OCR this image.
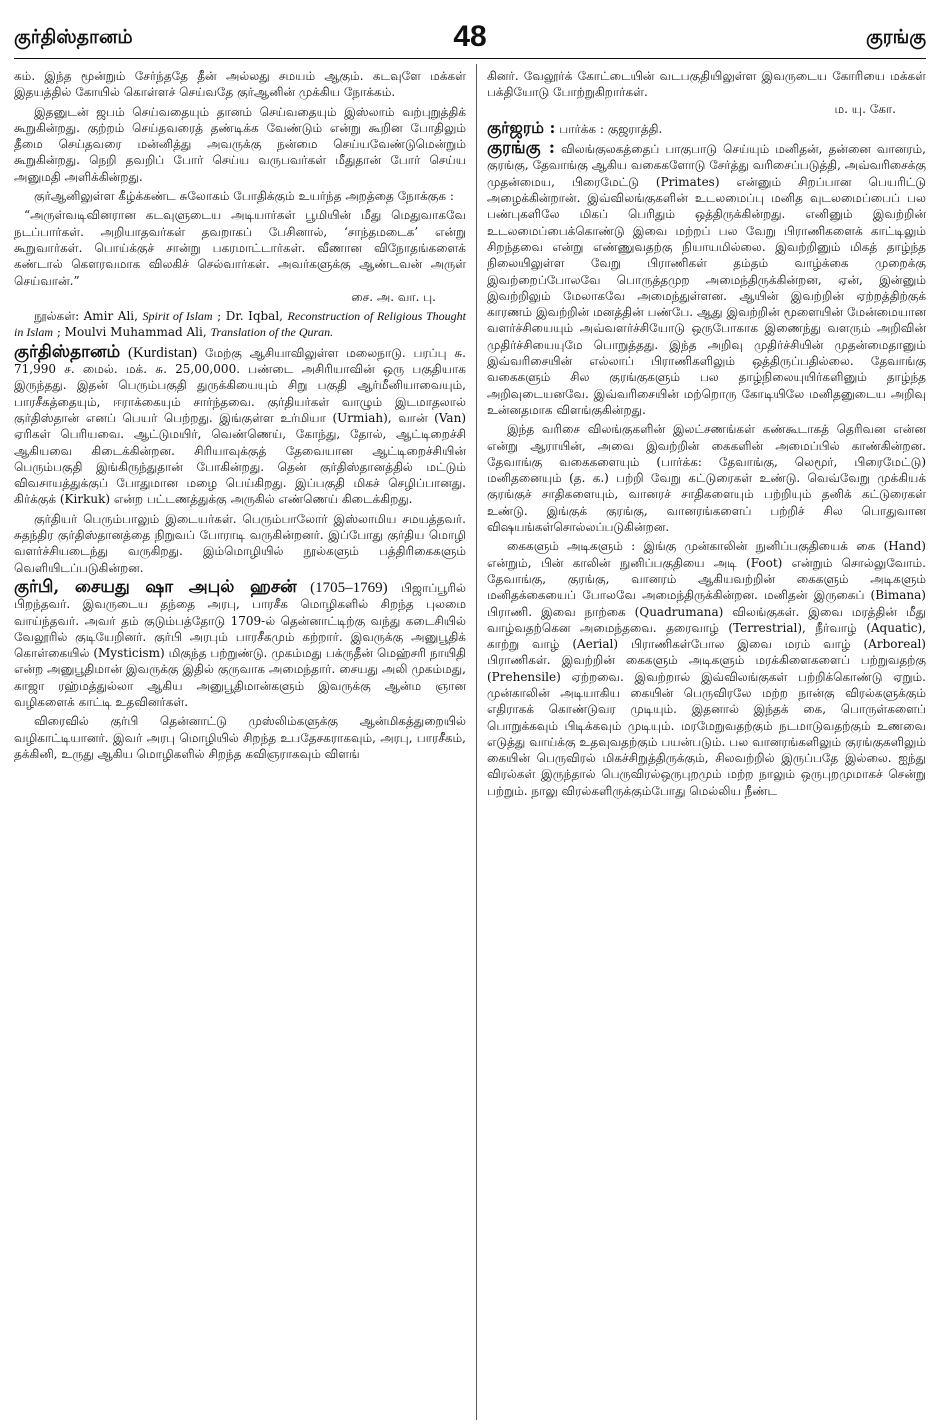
குர்திஸ்தானம்	48	குரங்கு

கம். இந்த மூன்றும் சேர்ந்ததே தீன் அல்லது சமயம் ஆகும். கடவுளே மக்கள் இதயத்தில் கோயில் கொள்ளச் செய்வதே குர்ஆனின் முக்கிய நோக்கம்.

இதனுடன் ஜபம் செய்வதையும் தானம் செய்வதையும் இஸ்லாம் வற்புறுத்திக் கூறுகின்றது. குற்றம் செய்தவரைத் தண்டிக்க வேண்டும் என்று கூறின போதிலும் தீமை செய்தவரை மன்னித்து அவருக்கு நன்மை செய்யவேண்டுமென்றும் கூறுகின்றது. நெறி தவறிப் போர் செய்ய வருபவர்கள் மீதுதான் போர் செய்ய அனுமதி அளிக்கின்றது.

குர்ஆனிலுள்ள கீழ்க்கண்ட சுலோகம் போதிக்கும் உயர்ந்த அறத்தை நோக்குக :

“அருள்வடிவினரான கடவுளுடைய அடியார்கள் பூமியின் மீது மெதுவாகவே நடப்பார்கள். அறியாதவர்கள் தவறாகப் பேசினால், ‘சாந்தமடைக’ என்று கூறுவார்கள். பொய்க்குச் சான்று பகரமாட்டார்கள். வீணான விநோதங்களைக் கண்டால் கௌரவமாக விலகிச் செல்வார்கள். அவர்களுக்கு ஆண்டவன் அருள் செய்வான்.”
சை. அ. வா. பு.

நூல்கள்: Amir Ali, Spirit of Islam ; Dr. Iqbal, Reconstruction of Religious Thought in Islam ; Moulvi Muhammad Ali, Translation of the Quran.

குர்திஸ்தானம் (Kurdistan) மேற்கு ஆசியாவிலுள்ள மலைநாடு. பரப்பு சு. 71,990 ச. மைல். மக். சு. 25,00,000. பண்டை அசிரியாவின் ஒரு பகுதியாக இருந்தது. இதன் பெரும்பகுதி துருக்கியையும் சிறு பகுதி ஆர்மீனியாவையும், பாரசீகத்தையும், ஈராக்கையும் சார்ந்தவை. குர்தியர்கள் வாழும் இடமாதலால் குர்திஸ்தான் எனப் பெயர் பெற்றது. இங்குள்ள உர்மியா (Urmiah), வான் (Van) ஏரிகள் பெரியவை. ஆட்டுமயிர், வெண்ணெய், கோந்து, தோல், ஆட்டிறைச்சி ஆகியவை கிடைக்கின்றன. சிரியாவுக்குத் தேவையான ஆட்டிறைச்சியின் பெரும்பகுதி இங்கிருந்துதான் போகின்றது. தென் குர்திஸ்தானத்தில் மட்டும் விவசாயத்துக்குப் போதுமான மழை பெய்கிறது. இப்பகுதி மிகச் செழிப்பானது. கிர்க்குக் (Kirkuk) என்ற பட்டணத்துக்கு அருகில் எண்ணெய் கிடைக்கிறது.

குர்தியர் பெரும்பாலும் இடையர்கள். பெரும்பாலோர் இஸ்லாமிய சமயத்தவர். சுதந்திர குர்திஸ்தானத்தை நிறுவப் போராடி வருகின்றனர். இப்போது குர்திய மொழி வளர்ச்சியடைந்து வருகிறது. இம்மொழியில் நூல்களும் பத்திரிகைகளும் வெளியிடப்படுகின்றன.

குர்பி, சையது ஷா அபுல் ஹசன் (1705–1769) பிஜாப்பூரில் பிறந்தவர். இவருடைய தந்தை அரபு, பாரசீக மொழிகளில் சிறந்த புலமை வாய்ந்தவர். அவர் தம் குடும்பத்தோடு 1709-ல் தென்னாட்டிற்கு வந்து கடைசியில் வேலூரில் குடியேறினர். குர்பி அரபும் பாரசீகமும் கற்றார். இவருக்கு அனுபூதிக் கொள்கையில் (Mysticism) மிகுந்த பற்றுண்டு. முகம்மது பக்ருதீன் மெஹ்சரி நாயிதி என்ற அனுபூதிமான் இவருக்கு இதில் குருவாக அமைந்தார். சையது அலி முகம்மது, காஜா ரஹ்மத்துல்லா ஆகிய அனுபூதிமான்களும் இவருக்கு ஆன்ம ஞான வழிகளைக் காட்டி உதவினர்கள்.

விரைவில் குர்பி தென்னாட்டு முஸ்லிம்களுக்கு ஆன்மிகத்துறையில் வழிகாட்டியானர். இவர் அரபு மொழியில் சிறந்த உபதேசகராகவும், அரபு, பாரசீகம், தக்கினி, உருது ஆகிய மொழிகளில் சிறந்த கவிஞராகவும் விளங்

கினர். வேலூர்க் கோட்டையின் வடபகுதியிலுள்ள இவருடைய கோரியை மக்கள் பக்தியோடு போற்றுகிறார்கள்.
ம. யு. கோ.

குர்ஜரம் : பார்க்க : குஜராத்தி.

குரங்கு : விலங்குலகத்தைப் பாகுபாடு செய்யும் மனிதன், தன்னை வானரம், குரங்கு, தேவாங்கு ஆகிய வகைகளோடு சேர்த்து வரிசைப்படுத்தி, அவ்வரிசைக்கு முதன்மைய, பிரைமேட்டு (Primates) என்னும் சிறப்பான பெயரிட்டு அழைக்கின்றான். இவ்விலங்குகளின் உடலமைப்பு மனித வுடலமைப்பைப் பல பண்புகளிலே மிகப் பெரிதும் ஒத்திருக்கின்றது. எனினும் இவற்றின் உடலமைப்பைக்கொண்டு இவை மற்றப் பல வேறு பிராணிகளைக் காட்டிலும் சிறந்தவை என்று எண்ணுவதற்கு நியாயமில்லை. இவற்றினும் மிகத் தாழ்ந்த நிலையிலுள்ள வேறு பிராணிகள் தம்தம் வாழ்க்கை முறைக்கு இவற்றைப்போலவே பொருத்தமுற அமைந்திருக்கின்றன, ஏன், இன்னும் இவற்றிலும் மேலாகவே அமைந்துள்ளன. ஆயின் இவற்றின் ஏற்றத்திற்குக் காரணம் இவற்றின் மனத்தின் பண்பே. ஆது இவற்றின் மூளையின் மேன்மையான வளர்ச்சியையும் அவ்வளர்ச்சியோடு ஒருபோகாக இணைந்து வளரும் அறிவின் முதிர்ச்சியையுமே பொறுத்தது. இந்த அறிவு முதிர்ச்சியின் முதன்மைதானும் இவ்வரிசையின் எல்லாப் பிராணிகளிலும் ஒத்திருப்பதில்லை. தேவாங்கு வகைகளும் சில குரங்குகளும் பல தாழ்நிலையுயிர்களினும் தாழ்ந்த அறிவுடையனவே. இவ்வரிசையின் மற்றொரு கோடியிலே மனிதனுடைய அறிவு உன்னதமாக விளங்குகின்றது.

இந்த வரிசை விலங்குகளின் இலட்சணங்கள் கண்கூடாகத் தெரிவன என்ன என்று ஆராயின், அவை இவற்றின் கைகளின் அமைப்பில் காண்கின்றன. தேவாங்கு வகைகளையும் (பார்க்க: தேவாங்கு, லெமூர், பிரைமேட்டு) மனிதனையும் (த. க.) பற்றி வேறு கட்டுரைகள் உண்டு. வெவ்வேறு முக்கியக் குரங்குச் சாதிகளையும், வானரச் சாதிகளையும் பற்றியும் தனிக் கட்டுரைகள் உண்டு. இங்குக் குரங்கு, வானரங்களைப் பற்றிச் சில பொதுவான விஷயங்கள்சொல்லப்படுகின்றன.

கைகளும் அடிகளும் : இங்கு முன்காலின் நுனிப்பகுதியைக் கை (Hand) என்றும், பின் காலின் நுனிப்பகுதியை அடி (Foot) என்றும் சொல்லுவோம். தேவாங்கு, குரங்கு, வானரம் ஆகியவற்றின் கைகளும் அடிகளும் மனிதக்கையைப் போலவே அமைந்திருக்கின்றன. மனிதன் இருகைப் (Bimana) பிராணி. இவை நாற்கை (Quadrumana) விலங்குகள். இவை மரத்தின் மீது வாழ்வதற்கென அமைந்தவை. தரைவாழ் (Terrestrial), நீர்வாழ் (Aquatic), காற்று வாழ் (Aerial) பிராணிகள்போல இவை மரம் வாழ் (Arboreal) பிராணிகள். இவற்றின் கைகளும் அடிகளும் மரக்கிளைகளைப் பற்றுவதற்கு (Prehensile) ஏற்றவை. இவற்றால் இவ்விலங்குகள் பற்றிக்கொண்டு ஏறும். முன்காலின் அடியாகிய கையின் பெருவிரலே மற்ற நான்கு விரல்களுக்கும் எதிராகக் கொண்டுவர முடியும். இதனால் இந்தக் கை, பொருள்களைப் பொறுக்கவும் பிடிக்கவும் முடியும். மரமேறுவதற்கும் நடமாடுவதற்கும் உணவை எடுத்து வாய்க்கு உதவுவதற்கும் பயன்படும். பல வானரங்களிலும் குரங்குகளிலும் கையின் பெருவிரல் மிகச்சிறுத்திருக்கும், சிலவற்றில் இருப்பதே இல்லை. ஐந்து விரல்கள் இருந்தால் பெருவிரல்ஒருபுறமும் மற்ற நாலும் ஒருபுறமுமாகச் சென்று பற்றும். நாலு விரல்களிருக்கும்போது மெல்லிய நீண்ட
